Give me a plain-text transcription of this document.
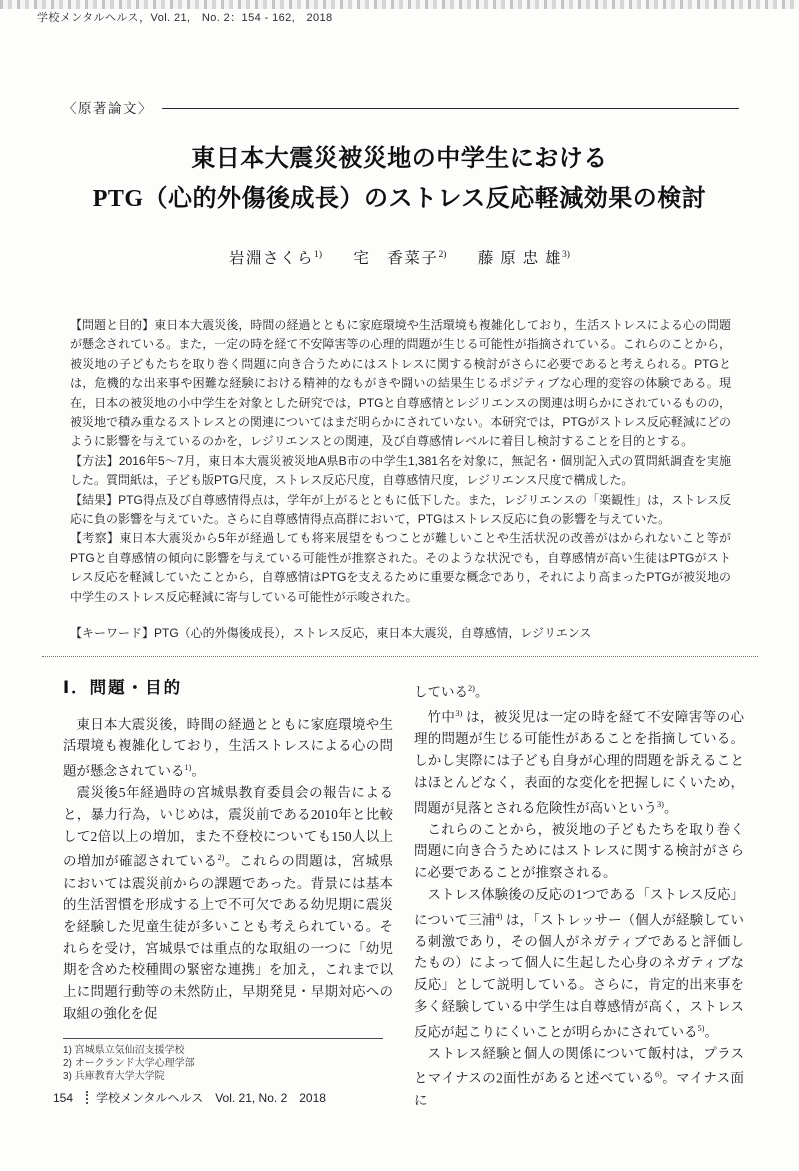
学校メンタルヘルス，Vol. 21,　No. 2：154 - 162,　2018
〈原著論文〉
東日本大震災被災地の中学生における
PTG（心的外傷後成長）のストレス反応軽減効果の検討
岩淵さくら$^{1)}$ 宅　香菜子$^{2)}$ 藤 原 忠 雄$^{3)}$

【問題と目的】東日本大震災後，時間の経過とともに家庭環境や生活環境も複雑化しており，生活ストレスによる心の問題が懸念されている。また，一定の時を経て不安障害等の心理的問題が生じる可能性が指摘されている。これらのことから，被災地の子どもたちを取り巻く問題に向き合うためにはストレスに関する検討がさらに必要であると考えられる。PTGとは，危機的な出来事や困難な経験における精神的なもがきや闘いの結果生じるポジティブな心理的変容の体験である。現在，日本の被災地の小中学生を対象とした研究では，PTGと自尊感情とレジリエンスの関連は明らかにされているものの，被災地で積み重なるストレスとの関連についてはまだ明らかにされていない。本研究では，PTGがストレス反応軽減にどのように影響を与えているのかを，レジリエンスとの関連，及び自尊感情レベルに着目し検討することを目的とする。

【方法】2016年5～7月，東日本大震災被災地A県B市の中学生1,381名を対象に，無記名・個別記入式の質問紙調査を実施した。質問紙は，子ども版PTG尺度，ストレス反応尺度，自尊感情尺度，レジリエンス尺度で構成した。

【結果】PTG得点及び自尊感情得点は，学年が上がるとともに低下した。また，レジリエンスの「楽観性」は，ストレス反応に負の影響を与えていた。さらに自尊感情得点高群において，PTGはストレス反応に負の影響を与えていた。

【考察】東日本大震災から5年が経過しても将来展望をもつことが難しいことや生活状況の改善がはかられないこと等がPTGと自尊感情の傾向に影響を与えている可能性が推察された。そのような状況でも，自尊感情が高い生徒はPTGがストレス反応を軽減していたことから，自尊感情はPTGを支えるために重要な概念であり，それにより高まったPTGが被災地の中学生のストレス反応軽減に寄与している可能性が示唆された。

【キーワード】PTG（心的外傷後成長），ストレス反応，東日本大震災，自尊感情，レジリエンス
Ⅰ．問題・目的

東日本大震災後，時間の経過とともに家庭環境や生活環境も複雑化しており，生活ストレスによる心の問題が懸念されている$^{1)}$。

震災後5年経過時の宮城県教育委員会の報告によると，暴力行為，いじめは，震災前である2010年と比較して2倍以上の増加，また不登校についても150人以上の増加が確認されている$^{2)}$。これらの問題は，宮城県においては震災前からの課題であった。背景には基本的生活習慣を形成する上で不可欠である幼児期に震災を経験した児童生徒が多いことも考えられている。それらを受け，宮城県では重点的な取組の一つに「幼児期を含めた校種間の緊密な連携」を加え，これまで以上に問題行動等の未然防止，早期発見・早期対応への取組の強化を促

1) 宮城県立気仙沼支援学校
2) オークランド大学心理学部
3) 兵庫教育大学大学院

している$^{2)}$。

竹中$^{3)}$ は，被災児は一定の時を経て不安障害等の心理的問題が生じる可能性があることを指摘している。しかし実際には子ども自身が心理的問題を訴えることはほとんどなく，表面的な変化を把握しにくいため，問題が見落とされる危険性が高いという$^{3)}$。

これらのことから，被災地の子どもたちを取り巻く問題に向き合うためにはストレスに関する検討がさらに必要であることが推察される。

ストレス体験後の反応の1つである「ストレス反応」について三浦$^{4)}$ は，「ストレッサー（個人が経験している刺激であり，その個人がネガティブであると評価したもの）によって個人に生起した心身のネガティブな反応」として説明している。さらに，肯定的出来事を多く経験している中学生は自尊感情が高く，ストレス反応が起こりにくいことが明らかにされている$^{5)}$。

ストレス経験と個人の関係について飯村は，プラスとマイナスの2面性があると述べている$^{6)}$。マイナス面に

154 学校メンタルヘルス　Vol. 21, No. 2　2018
